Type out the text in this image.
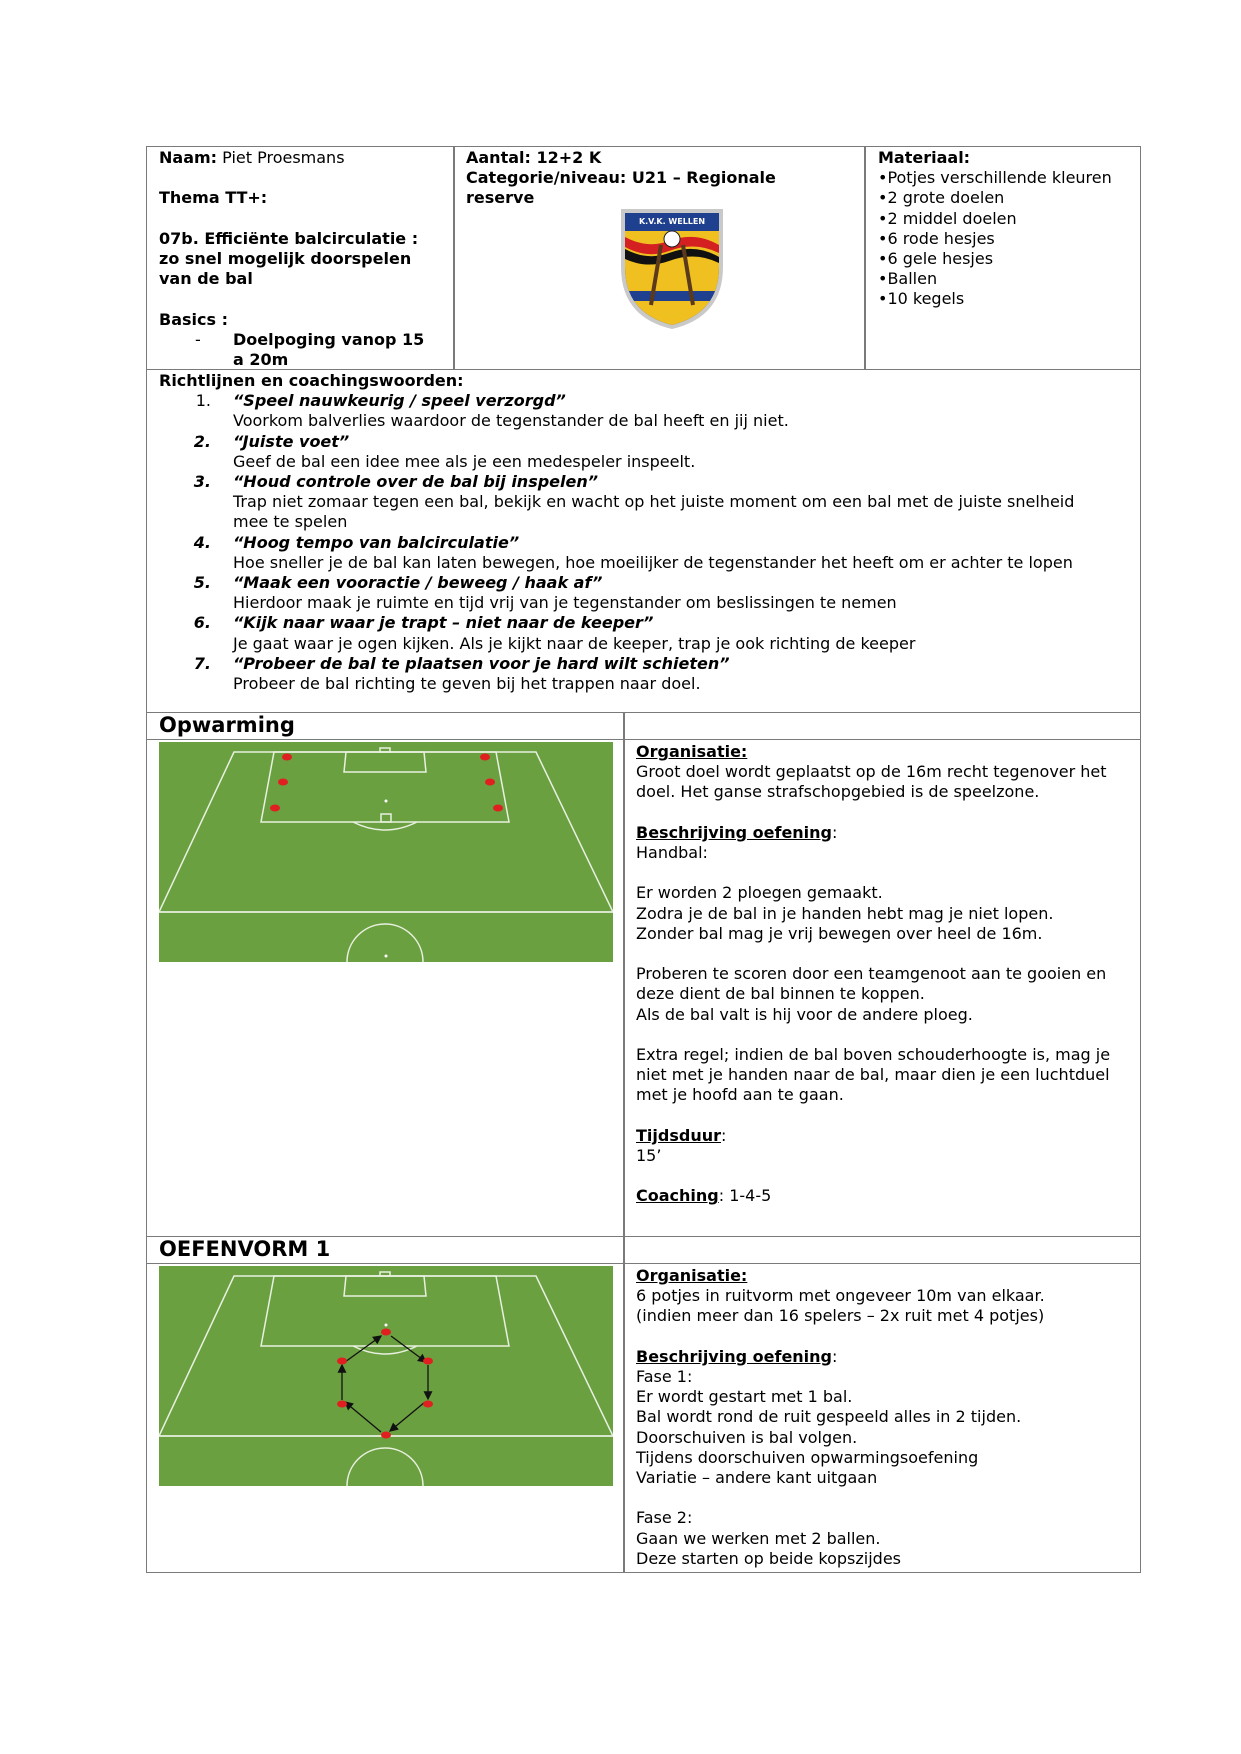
Naam: Piet Proesmans

Thema TT+:

07b. Efficiënte balcirculatie :
zo snel mogelijk doorspelen
van de bal

Basics :
- Doelpoging vanop 15
a 20m
Aantal: 12+2 K
Categorie/niveau: U21 – Regionale
reserve
K.V.K. WELLEN
Materiaal:
• Potjes verschillende kleuren
• 2 grote doelen
• 2 middel doelen
• 6 rode hesjes
• 6 gele hesjes
• Ballen
• 10 kegels
Richtlijnen en coachingswoorden:
1. “Speel nauwkeurig / speel verzorgd”
Voorkom balverlies waardoor de tegenstander de bal heeft en jij niet.
2. “Juiste voet”
Geef de bal een idee mee als je een medespeler inspeelt.
3. “Houd controle over de bal bij inspelen”
Trap niet zomaar tegen een bal, bekijk en wacht op het juiste moment om een bal met de juiste snelheid
mee te spelen
4. “Hoog tempo van balcirculatie”
Hoe sneller je de bal kan laten bewegen, hoe moeilijker de tegenstander het heeft om er achter te lopen
5. “Maak een vooractie / beweeg / haak af”
Hierdoor maak je ruimte en tijd vrij van je tegenstander om beslissingen te nemen
6. “Kijk naar waar je trapt – niet naar de keeper”
Je gaat waar je ogen kijken. Als je kijkt naar de keeper, trap je ook richting de keeper
7. “Probeer de bal te plaatsen voor je hard wilt schieten”
Probeer de bal richting te geven bij het trappen naar doel.
Opwarming
Organisatie:
Groot doel wordt geplaatst op de 16m recht tegenover het
doel. Het ganse strafschopgebied is de speelzone.

Beschrijving oefening:
Handbal:

Er worden 2 ploegen gemaakt.
Zodra je de bal in je handen hebt mag je niet lopen.
Zonder bal mag je vrij bewegen over heel de 16m.

Proberen te scoren door een teamgenoot aan te gooien en
deze dient de bal binnen te koppen.
Als de bal valt is hij voor de andere ploeg.

Extra regel; indien de bal boven schouderhoogte is, mag je
niet met je handen naar de bal, maar dien je een luchtduel
met je hoofd aan te gaan.

Tijdsduur:
15’

Coaching: 1-4-5
OEFENVORM 1
Organisatie:
6 potjes in ruitvorm met ongeveer 10m van elkaar.
(indien meer dan 16 spelers – 2x ruit met 4 potjes)

Beschrijving oefening:
Fase 1:
Er wordt gestart met 1 bal.
Bal wordt rond de ruit gespeeld alles in 2 tijden.
Doorschuiven is bal volgen.
Tijdens doorschuiven opwarmingsoefening
Variatie – andere kant uitgaan

Fase 2:
Gaan we werken met 2 ballen.
Deze starten op beide kopszijdes
